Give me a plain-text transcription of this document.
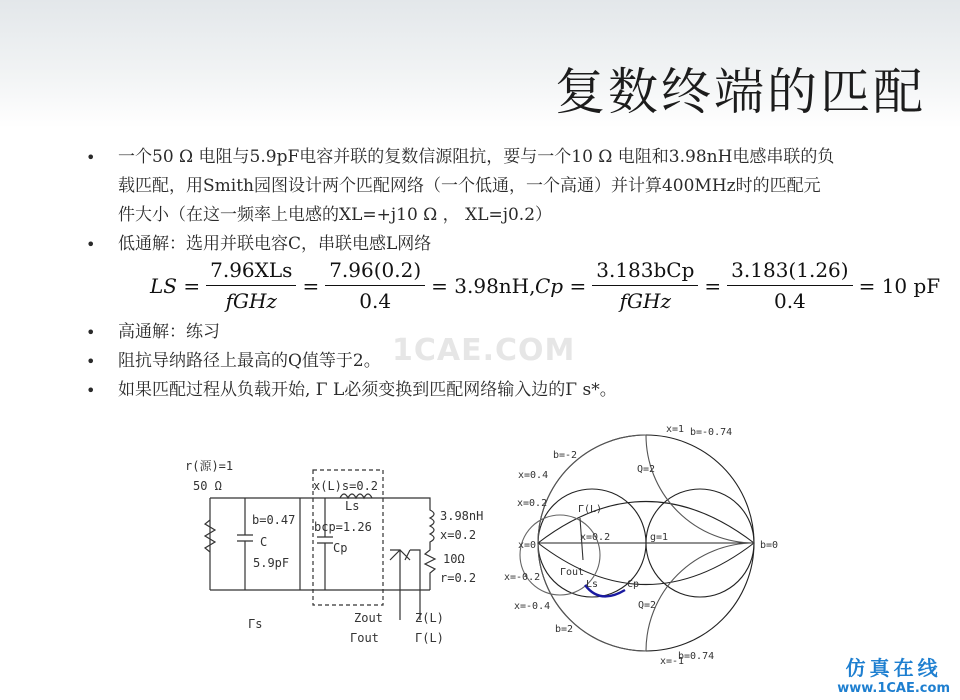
复数终端的匹配
• 一个50 Ω 电阻与5.9pF电容并联的复数信源阻抗，要与一个10 Ω 电阻和3.98nH电感串联的负
载匹配，用Smith园图设计两个匹配网络（一个低通，一个高通）并计算400MHz时的匹配元
件大小（在这一频率上电感的XL=+j10 Ω ， XL=j0.2）
• 低通解：选用并联电容C，串联电感L网络
LS = $\frac{\text{7.96XLs}}{\text{fGHz}} = \frac{7.96(0.2)}{0.4} = 3.98nH$, $Cp = \frac{\text{3.183bCp}}{\text{fGHz}} = \frac{3.183(1.26)}{0.4} = 10$ pF
1CAE.COM
• 高通解：练习
• 阻抗导纳路径上最高的Q值等于2。
• 如果匹配过程从负载开始, Γ L必须变换到匹配网络输入边的Γ s*。
r(源)=1
50 Ω
b=0.47
C
5.9pF
x(L)s=0.2
Ls
bcp=1.26
Cp
3.98nH
x=0.2
10Ω
r=0.2
Γs	Zout
Γout
Z(L)
Γ(L)
x=1 b=-0.74
b=-2
x=0.4
Q=2
x=0.2
Γ(L)
x=0
x=0.2	g=1
b=0
Γout
Ls	Cp
x=-0.2
x=-0.4	Q=2
b=2
x=-1
b=0.74	仿真在线
www.1CAE.com
